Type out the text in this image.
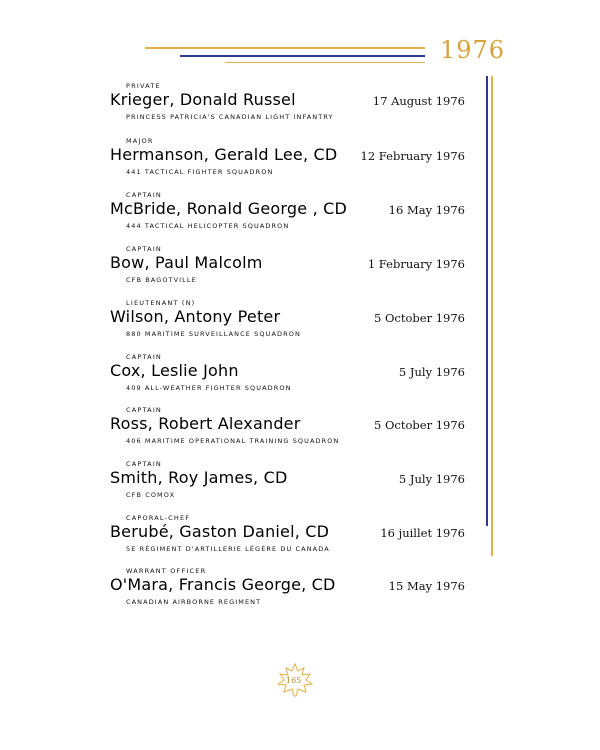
1976
PRIVATE
Krieger, Donald Russel
PRINCESS PATRICIA'S CANADIAN LIGHT INFANTRY
17 August 1976
MAJOR
Hermanson, Gerald Lee, CD
441 TACTICAL FIGHTER SQUADRON
12 February 1976
CAPTAIN
McBride, Ronald George , CD
444 TACTICAL HELICOPTER SQUADRON
16 May 1976
CAPTAIN
Bow, Paul Malcolm
CFB BAGOTVILLE
1 February 1976
LIEUTENANT (N)
Wilson, Antony Peter
880 MARITIME SURVEILLANCE SQUADRON
5 October 1976
CAPTAIN
Cox, Leslie John
409 ALL-WEATHER FIGHTER SQUADRON
5 July 1976
CAPTAIN
Ross, Robert Alexander
406 MARITIME OPERATIONAL TRAINING SQUADRON
5 October 1976
CAPTAIN
Smith, Roy James, CD
CFB COMOX
5 July 1976
CAPORAL-CHEF
Berubé, Gaston Daniel, CD
5E RÉGIMENT D'ARTILLERIE LÉGÈRE DU CANADA
16 juillet 1976
WARRANT OFFICER
O'Mara, Francis George, CD
CANADIAN AIRBORNE REGIMENT
15 May 1976
165
